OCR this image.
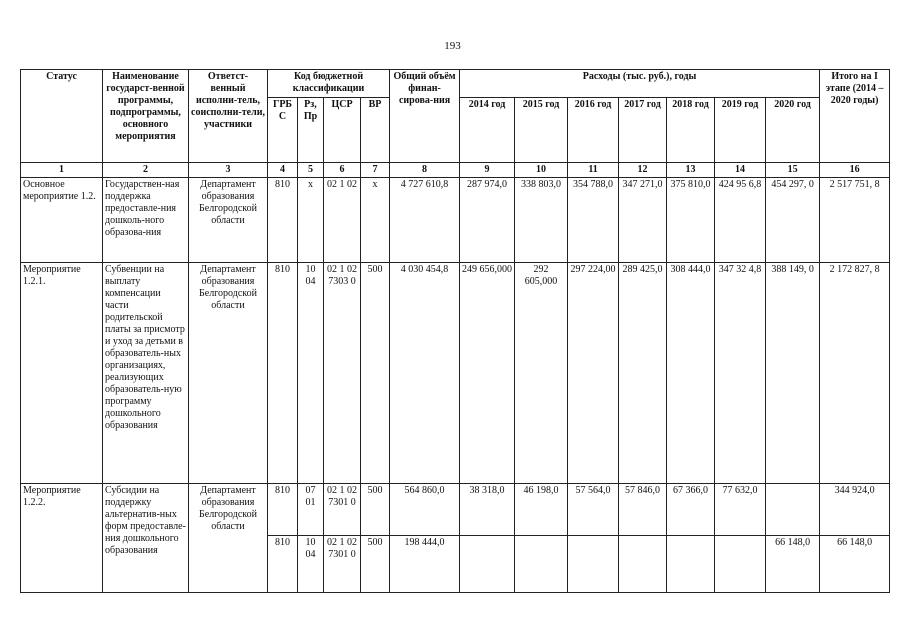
193
Статус	Наименование государст-венной программы, подпрограммы, основного мероприятия	Ответст-венный исполни-тель, соисполни-тели, участники	Код бюджетной классификации				Общий объём финан-сирова-ния	Расходы (тыс. руб.), годы							Итого на I этапе (2014 – 2020 годы)
			ГРБ С	Рз, Пр	ЦСР	ВР		2014 год	2015 год	2016 год	2017 год	2018 год	2019 год	2020 год	
1	2	3	4	5	6	7	8	9	10	11	12	13	14	15	16
Основное мероприятие 1.2.	Государствен-ная поддержка предоставле-ния дошколь-ного образова-ния	Департамент образования Белгородской области	810	х	02 1 02	х	4 727 610,8	287 974,0	338 803,0	354 788,0	347 271,0	375 810,0	424 95 6,8	454 297, 0	2 517 751, 8
Мероприятие 1.2.1.	Субвенции на выплату компенсации части родительской платы за присмотр и уход за детьми в образователь-ных организациях, реализующих образователь-ную программу дошкольного образования	Департамент образования Белгородской области	810	10 04	02 1 02 7303 0	500	4 030 454,8	249 656,000	292 605,000	297 224,00	289 425,0	308 444,0	347 32 4,8	388 149, 0	2 172 827, 8
Мероприятие 1.2.2.	Субсидии на поддержку альтернатив-ных форм предоставле-ния дошкольного образования	Департамент образования Белгородской области	810	07 01	02 1 02 7301 0	500	564 860,0	38 318,0	46 198,0	57 564,0	57 846,0	67 366,0	77 632,0		344 924,0
			810	10 04	02 1 02 7301 0	500	198 444,0							66 148,0	66 148,0
